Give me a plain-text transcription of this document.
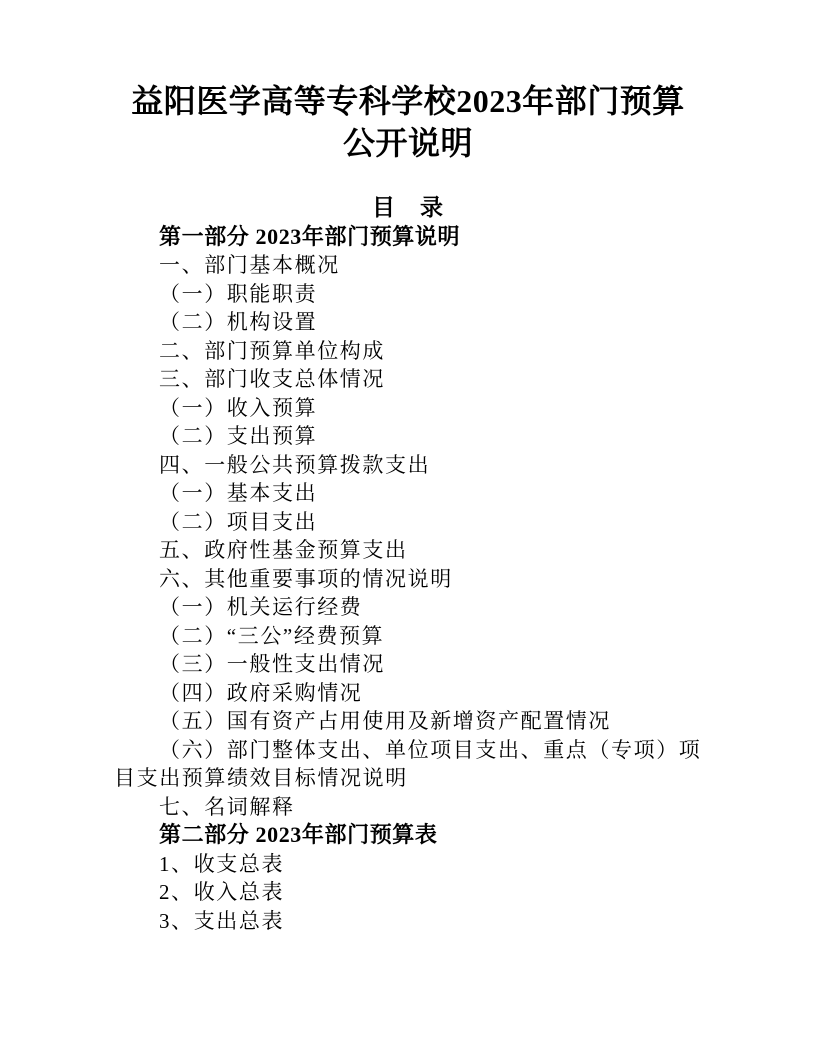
益阳医学高等专科学校2023年部门预算
公开说明
目　录

第一部分 2023年部门预算说明

一、部门基本概况

（一）职能职责

（二）机构设置

二、部门预算单位构成

三、部门收支总体情况

（一）收入预算

（二）支出预算

四、一般公共预算拨款支出

（一）基本支出

（二）项目支出

五、政府性基金预算支出

六、其他重要事项的情况说明

（一）机关运行经费

（二）“三公”经费预算

（三）一般性支出情况

（四）政府采购情况

（五）国有资产占用使用及新增资产配置情况

（六）部门整体支出、单位项目支出、重点（专项）项目支出预算绩效目标情况说明

七、名词解释

第二部分 2023年部门预算表

1、收支总表

2、收入总表

3、支出总表
